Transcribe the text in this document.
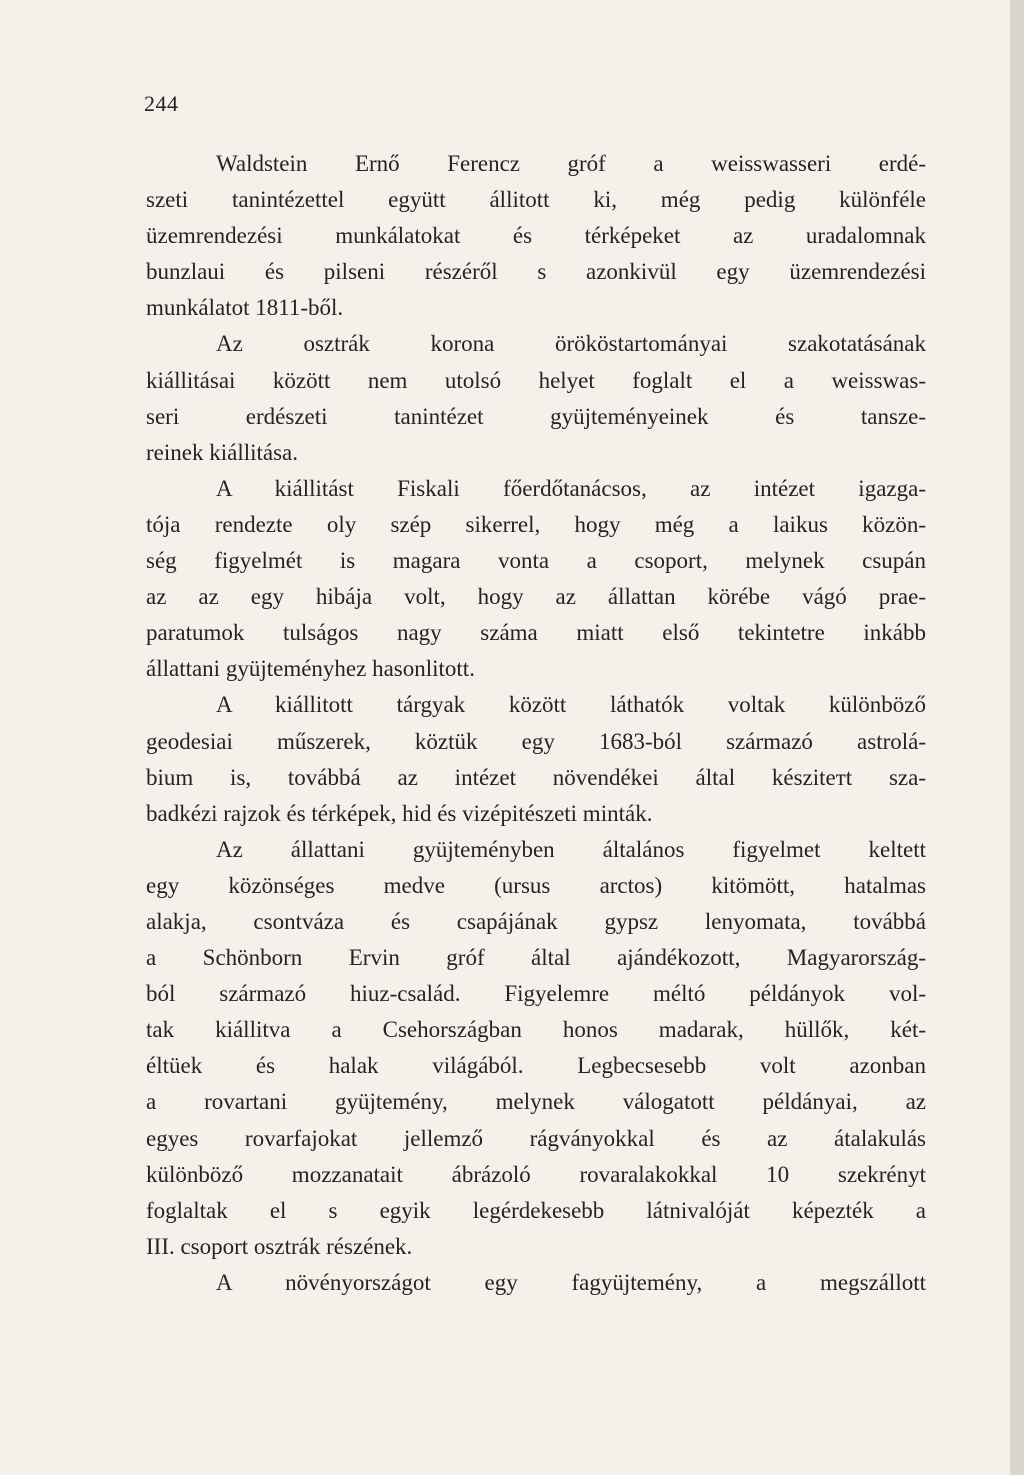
244
Waldstein Ernő Ferencz gróf a weisswasseri erdé-
szeti tanintézettel együtt állitott ki, még pedig különféle
üzemrendezési munkálatokat és térképeket az uradalomnak
bunzlaui és pilseni részéről s azonkivül egy üzemrendezési
munkálatot 1811-ből.
Az osztrák korona örököstartományai szakotatásának
kiállitásai között nem utolsó helyet foglalt el a weisswas-
seri erdészeti tanintézet gyüjteményeinek és tansze-
reinek kiállitása.
A kiállitást Fiskali főerdőtanácsos, az intézet igazga-
tója rendezte oly szép sikerrel, hogy még a laikus közön-
ség figyelmét is magara vonta a csoport, melynek csupán
az az egy hibája volt, hogy az állattan körébe vágó prae-
paratumok tulságos nagy száma miatt első tekintetre inkább
állattani gyüjteményhez hasonlitott.
A kiállitott tárgyak között láthatók voltak különböző
geodesiai műszerek, köztük egy 1683-ból származó astrolá-
bium is, továbbá az intézet növendékei által késziteтt sza-
badkézi rajzok és térképek, hid és vizépitészeti minták.
Az állattani gyüjteményben általános figyelmet keltett
egy közönséges medve (ursus arctos) kitömött, hatalmas
alakja, csontváza és csapájának gypsz lenyomata, továbbá
a Schönborn Ervin gróf által ajándékozott, Magyarország-
ból származó hiuz-család. Figyelemre méltó példányok vol-
tak kiállitva a Csehországban honos madarak, hüllők, két-
éltüek és halak világából. Legbecsesebb volt azonban
a rovartani gyüjtemény, melynek válogatott példányai, az
egyes rovarfajokat jellemző rágványokkal és az átalakulás
különböző mozzanatait ábrázoló rovaralakokkal 10 szekrényt
foglaltak el s egyik legérdekesebb látnivalóját képezték a
III. csoport osztrák részének.
A növényországot egy fagyüjtemény, a megszállott
